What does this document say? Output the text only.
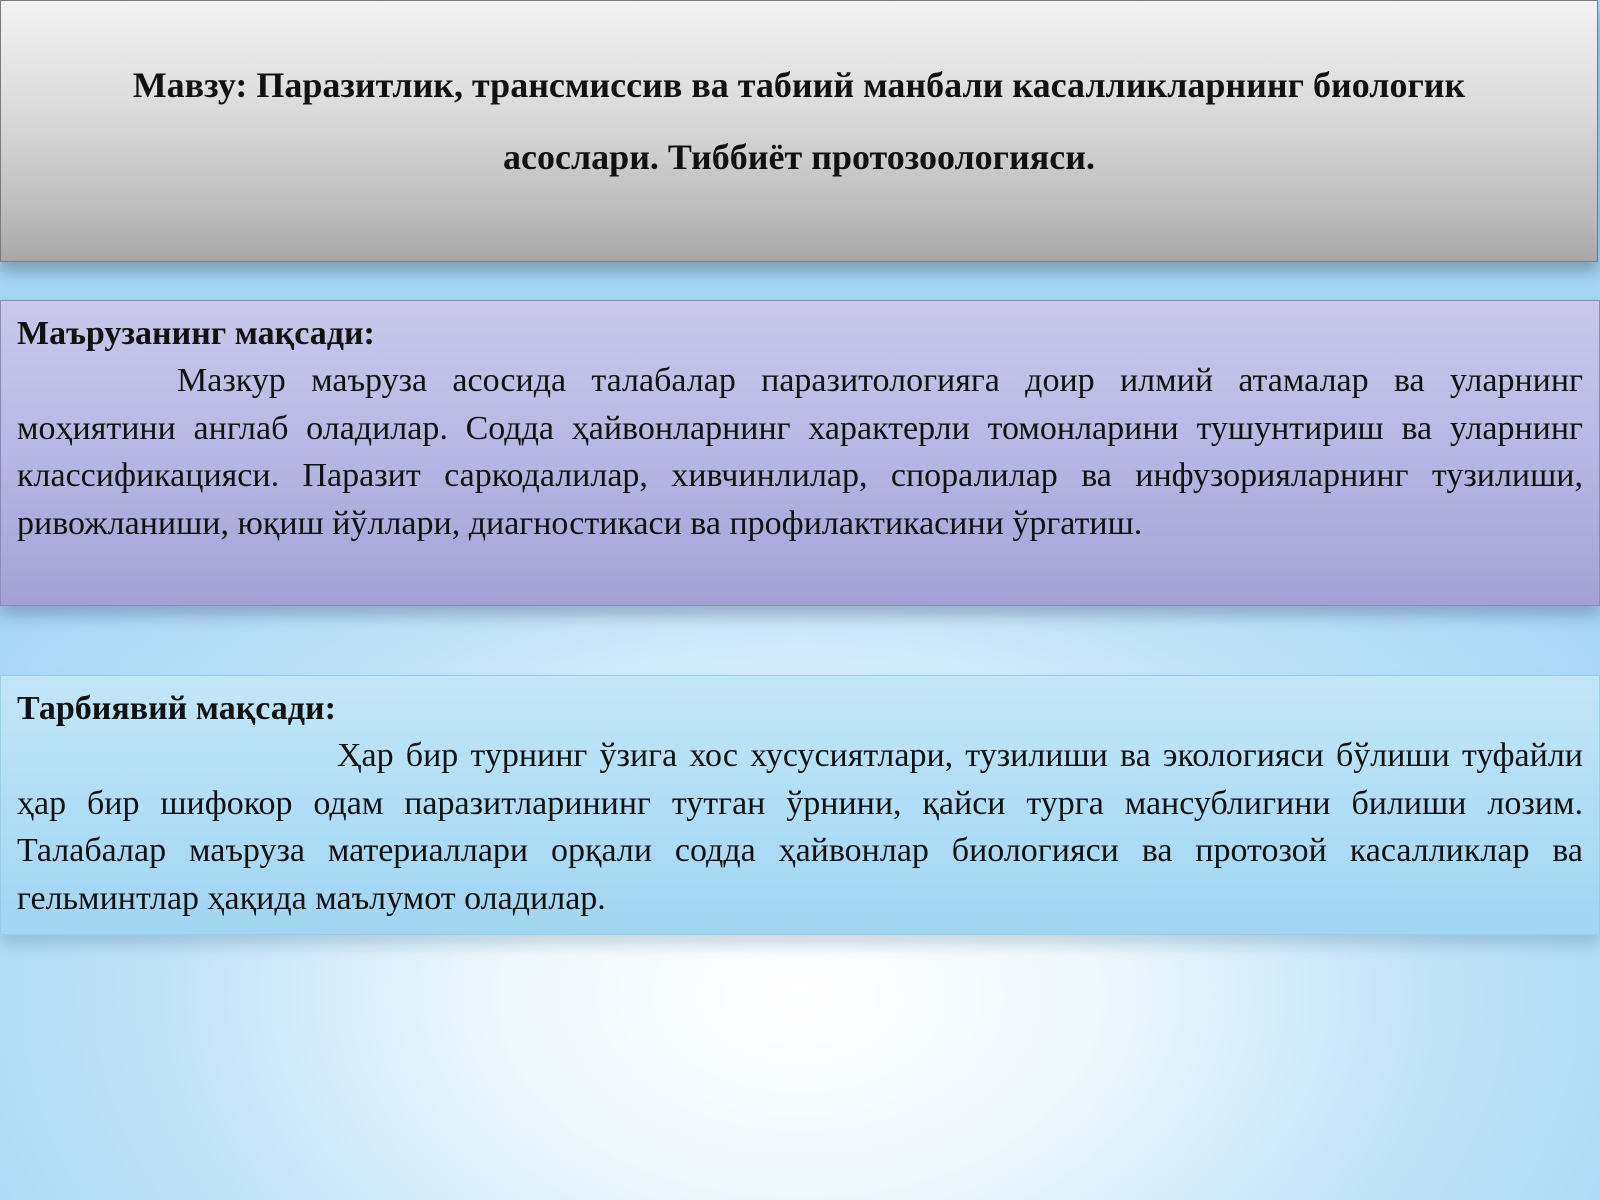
Мавзу: Паразитлик, трансмиссив ва табиий манбали касалликларнинг биологик
асослари. Тиббиёт протозоологияси.

Маърузанинг мақсади:

Мазкур маъруза асосида талабалар паразитологияга доир илмий атамалар ва уларнинг моҳиятини англаб оладилар. Содда ҳайвонларнинг характерли томонларини тушунтириш ва уларнинг классификацияси. Паразит саркодалилар, хивчинлилар, споралилар ва инфузорияларнинг тузилиши, ривожланиши, юқиш йўллари, диагностикаси ва профилактикасини ўргатиш.

Тарбиявий мақсади:

Ҳар бир турнинг ўзига хос хусусиятлари, тузилиши ва экологияси бўлиши туфайли ҳар бир шифокор одам паразитларининг тутган ўрнини, қайси турга мансублигини билиши лозим. Талабалар маъруза материаллари орқали содда ҳайвонлар биологияси ва протозой касалликлар ва гельминтлар ҳақида маълумот оладилар.
